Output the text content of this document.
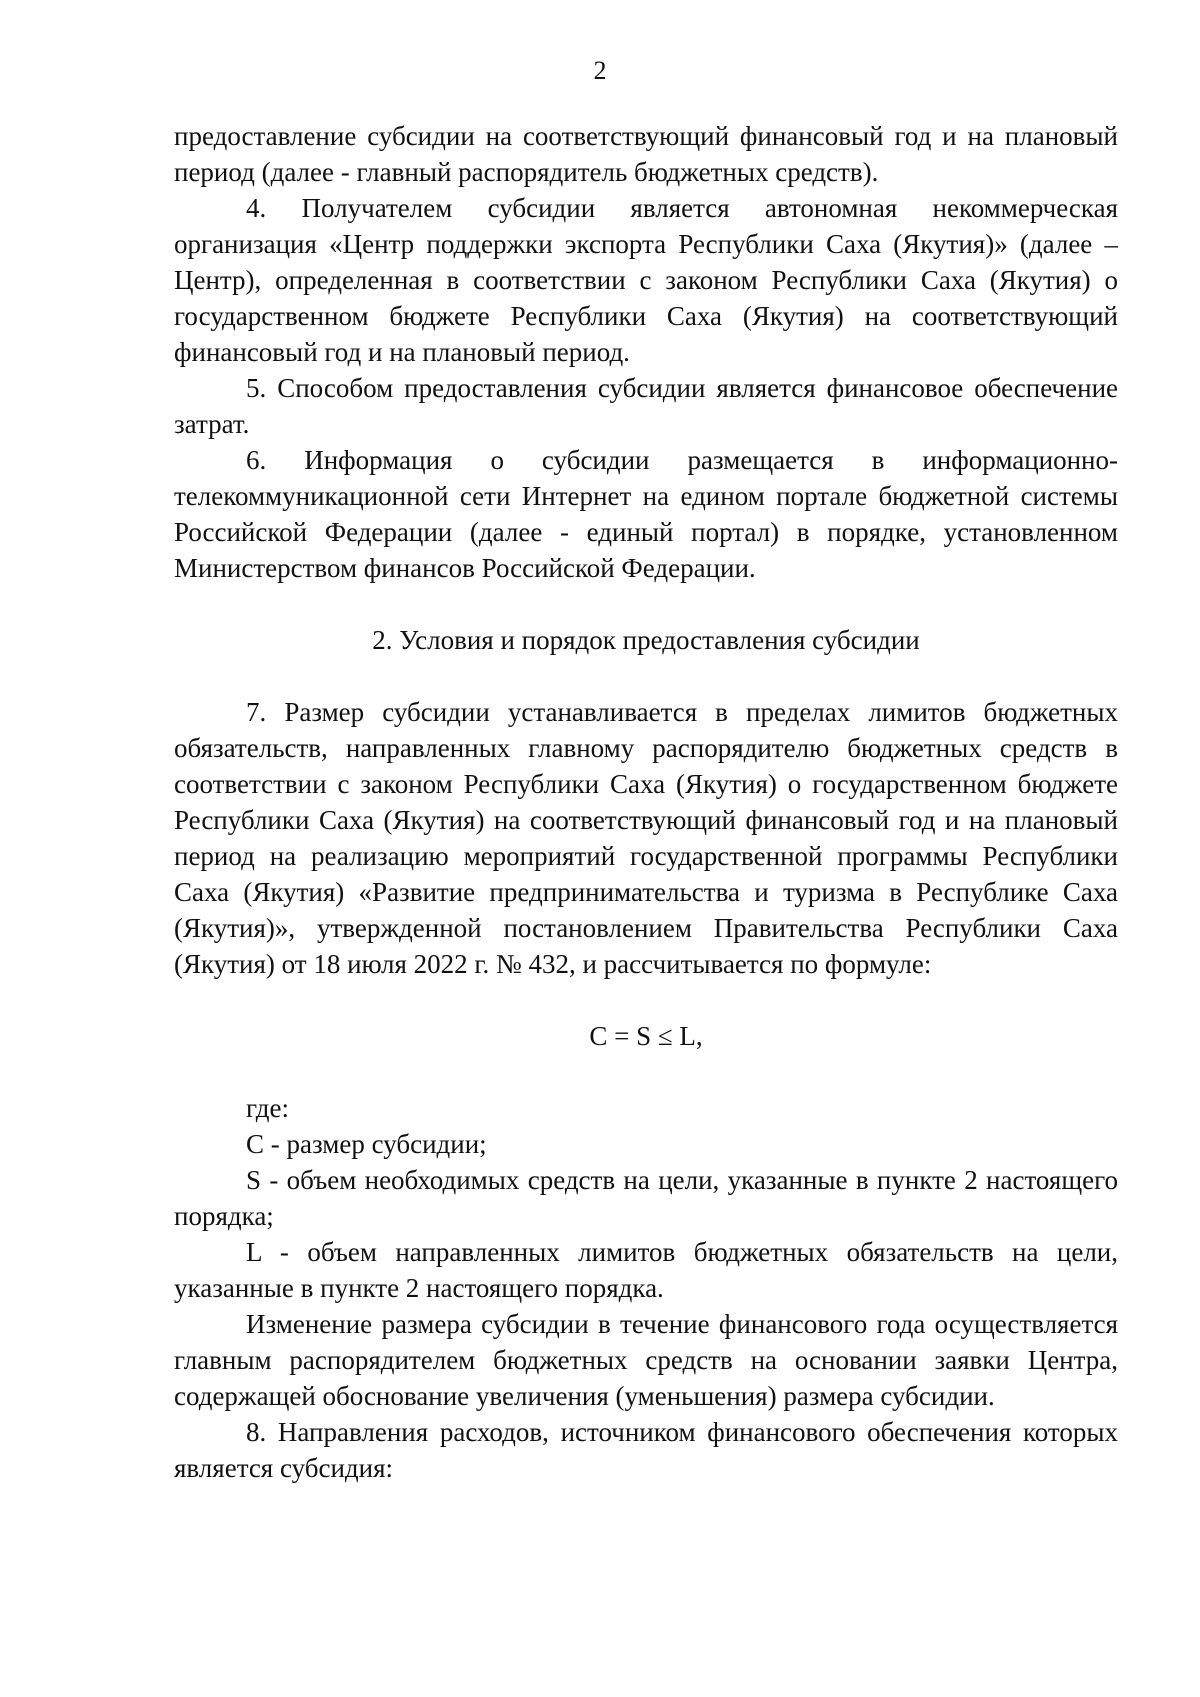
2

предоставление субсидии на соответствующий финансовый год и на плановый период (далее - главный распорядитель бюджетных средств).

4. Получателем субсидии является автономная некоммерческая организация «Центр поддержки экспорта Республики Саха (Якутия)» (далее – Центр), определенная в соответствии с законом Республики Саха (Якутия) о государственном бюджете Республики Саха (Якутия) на соответствующий финансовый год и на плановый период.

5. Способом предоставления субсидии является финансовое обеспечение затрат.

6. Информация о субсидии размещается в информационно-телекоммуникационной сети Интернет на едином портале бюджетной системы Российской Федерации (далее - единый портал) в порядке, установленном Министерством финансов Российской Федерации.

2. Условия и порядок предоставления субсидии

7. Размер субсидии устанавливается в пределах лимитов бюджетных обязательств, направленных главному распорядителю бюджетных средств в соответствии с законом Республики Саха (Якутия) о государственном бюджете Республики Саха (Якутия) на соответствующий финансовый год и на плановый период на реализацию мероприятий государственной программы Республики Саха (Якутия) «Развитие предпринимательства и туризма в Республике Саха (Якутия)», утвержденной постановлением Правительства Республики Саха (Якутия) от 18 июля 2022 г. № 432, и рассчитывается по формуле:

C = S ≤ L,

где:

C - размер субсидии;

S - объем необходимых средств на цели, указанные в пункте 2 настоящего порядка;

L - объем направленных лимитов бюджетных обязательств на цели, указанные в пункте 2 настоящего порядка.

Изменение размера субсидии в течение финансового года осуществляется главным распорядителем бюджетных средств на основании заявки Центра, содержащей обоснование увеличения (уменьшения) размера субсидии.

8. Направления расходов, источником финансового обеспечения которых является субсидия:
